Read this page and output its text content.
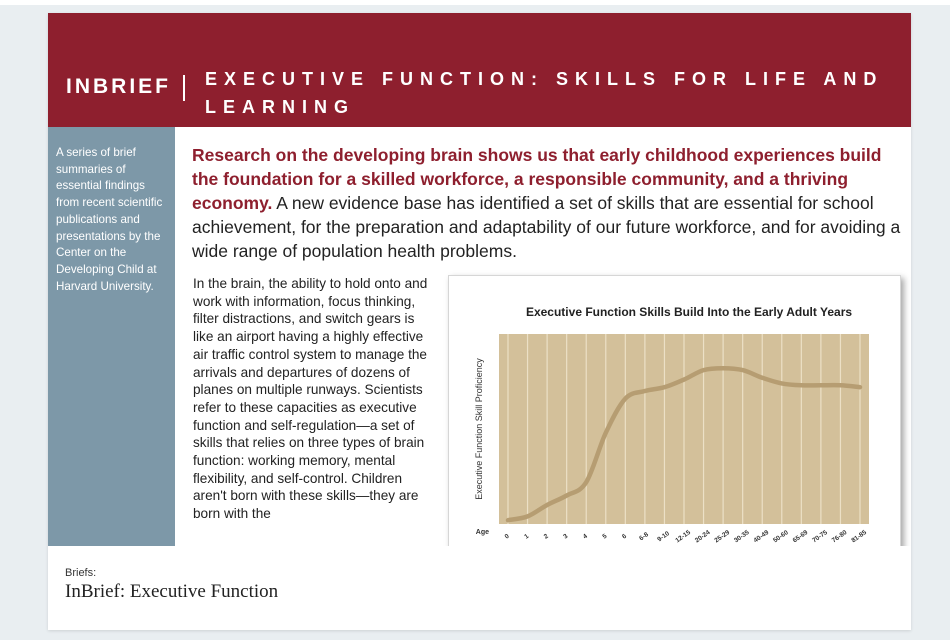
INBRIEF EXECUTIVE FUNCTION: SKILLS FOR LIFE AND LEARNING
A series of brief summaries of essential findings from recent scientific publications and presentations by the Center on the Developing Child at Harvard University.
Research on the developing brain shows us that early childhood experiences build the foundation for a skilled workforce, a responsible community, and a thriving economy. A new evidence base has identified a set of skills that are essential for school achievement, for the preparation and adaptability of our future workforce, and for avoiding a wide range of population health problems.
In the brain, the ability to hold onto and work with information, focus thinking, filter distractions, and switch gears is like an airport having a highly effective air traffic control system to manage the arrivals and departures of dozens of planes on multiple runways. Scientists refer to these capacities as executive function and self-regulation—a set of skills that relies on three types of brain function: working memory, mental flexibility, and self-control. Children aren't born with these skills—they are born with the
Executive Function Skills Build Into the Early Adult Years
0 1 2 3 4 5 6 6-8 9-10 12-15 20-24 25-29 30-35 40-49 50-60 65-69 70-75 76-80 81-85
Age
Executive Function Skill Proficiency
Briefs:
InBrief: Executive Function
